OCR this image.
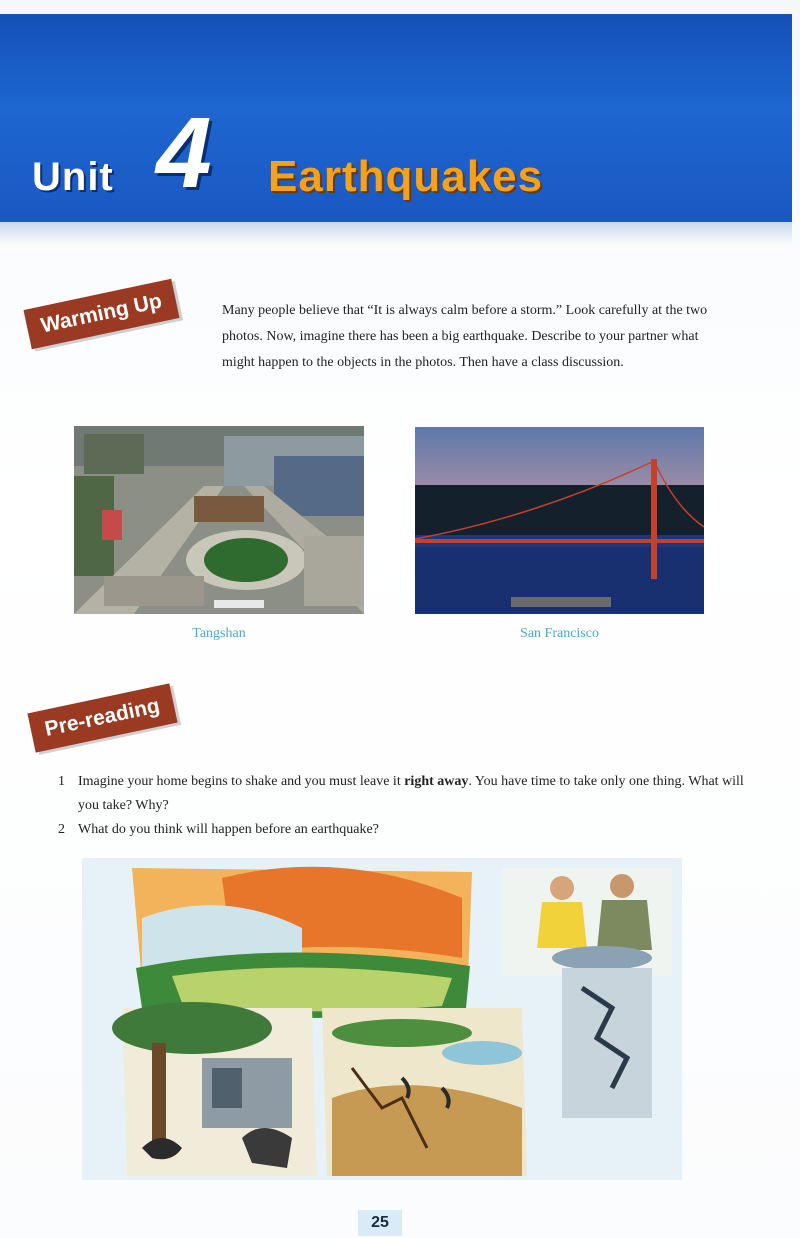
Unit 4 Earthquakes
Warming Up	Many people believe that “It is always calm before a storm.” Look carefully at the two photos. Now, imagine there has been a big earthquake. Describe to your partner what might happen to the objects in the photos. Then have a class discussion.
Tangshan	San Francisco
Pre-reading
1 Imagine your home begins to shake and you must leave it right away. You have time to take only one thing. What will you take? Why?
2 What do you think will happen before an earthquake?
25
